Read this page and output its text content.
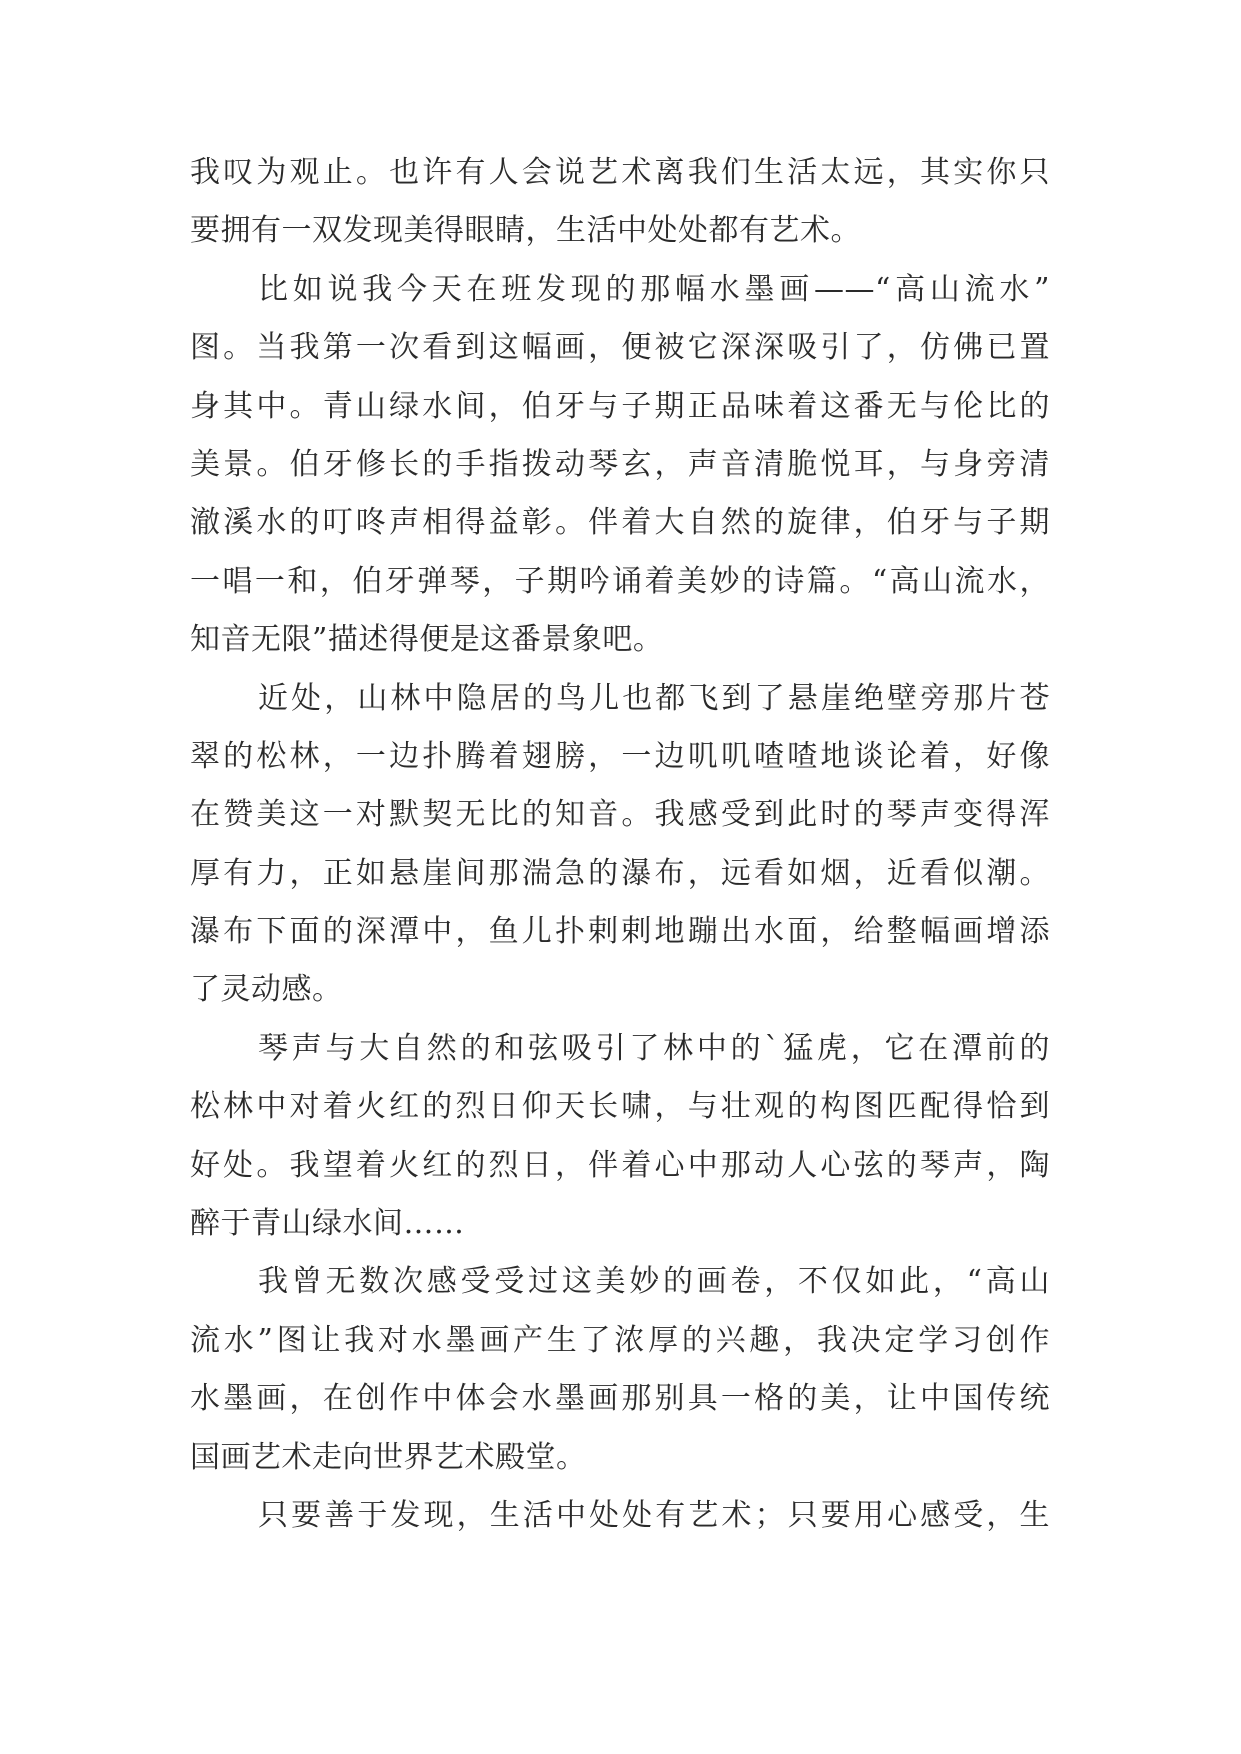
我叹为观止。也许有人会说艺术离我们生活太远，其实你只
要拥有一双发现美得眼睛，生活中处处都有艺术。
比如说我今天在班发现的那幅水墨画——“高山流水”
图。当我第一次看到这幅画，便被它深深吸引了，仿佛已置
身其中。青山绿水间，伯牙与子期正品味着这番无与伦比的
美景。伯牙修长的手指拨动琴玄，声音清脆悦耳，与身旁清
澈溪水的叮咚声相得益彰。伴着大自然的旋律，伯牙与子期
一唱一和，伯牙弹琴，子期吟诵着美妙的诗篇。“高山流水，
知音无限”描述得便是这番景象吧。
近处，山林中隐居的鸟儿也都飞到了悬崖绝壁旁那片苍
翠的松林，一边扑腾着翅膀，一边叽叽喳喳地谈论着，好像
在赞美这一对默契无比的知音。我感受到此时的琴声变得浑
厚有力，正如悬崖间那湍急的瀑布，远看如烟，近看似潮。
瀑布下面的深潭中，鱼儿扑剌剌地蹦出水面，给整幅画增添
了灵动感。
琴声与大自然的和弦吸引了林中的`猛虎，它在潭前的
松林中对着火红的烈日仰天长啸，与壮观的构图匹配得恰到
好处。我望着火红的烈日，伴着心中那动人心弦的琴声，陶
醉于青山绿水间……
我曾无数次感受受过这美妙的画卷，不仅如此，“高山
流水”图让我对水墨画产生了浓厚的兴趣，我决定学习创作
水墨画，在创作中体会水墨画那别具一格的美，让中国传统
国画艺术走向世界艺术殿堂。
只要善于发现，生活中处处有艺术；只要用心感受，生
